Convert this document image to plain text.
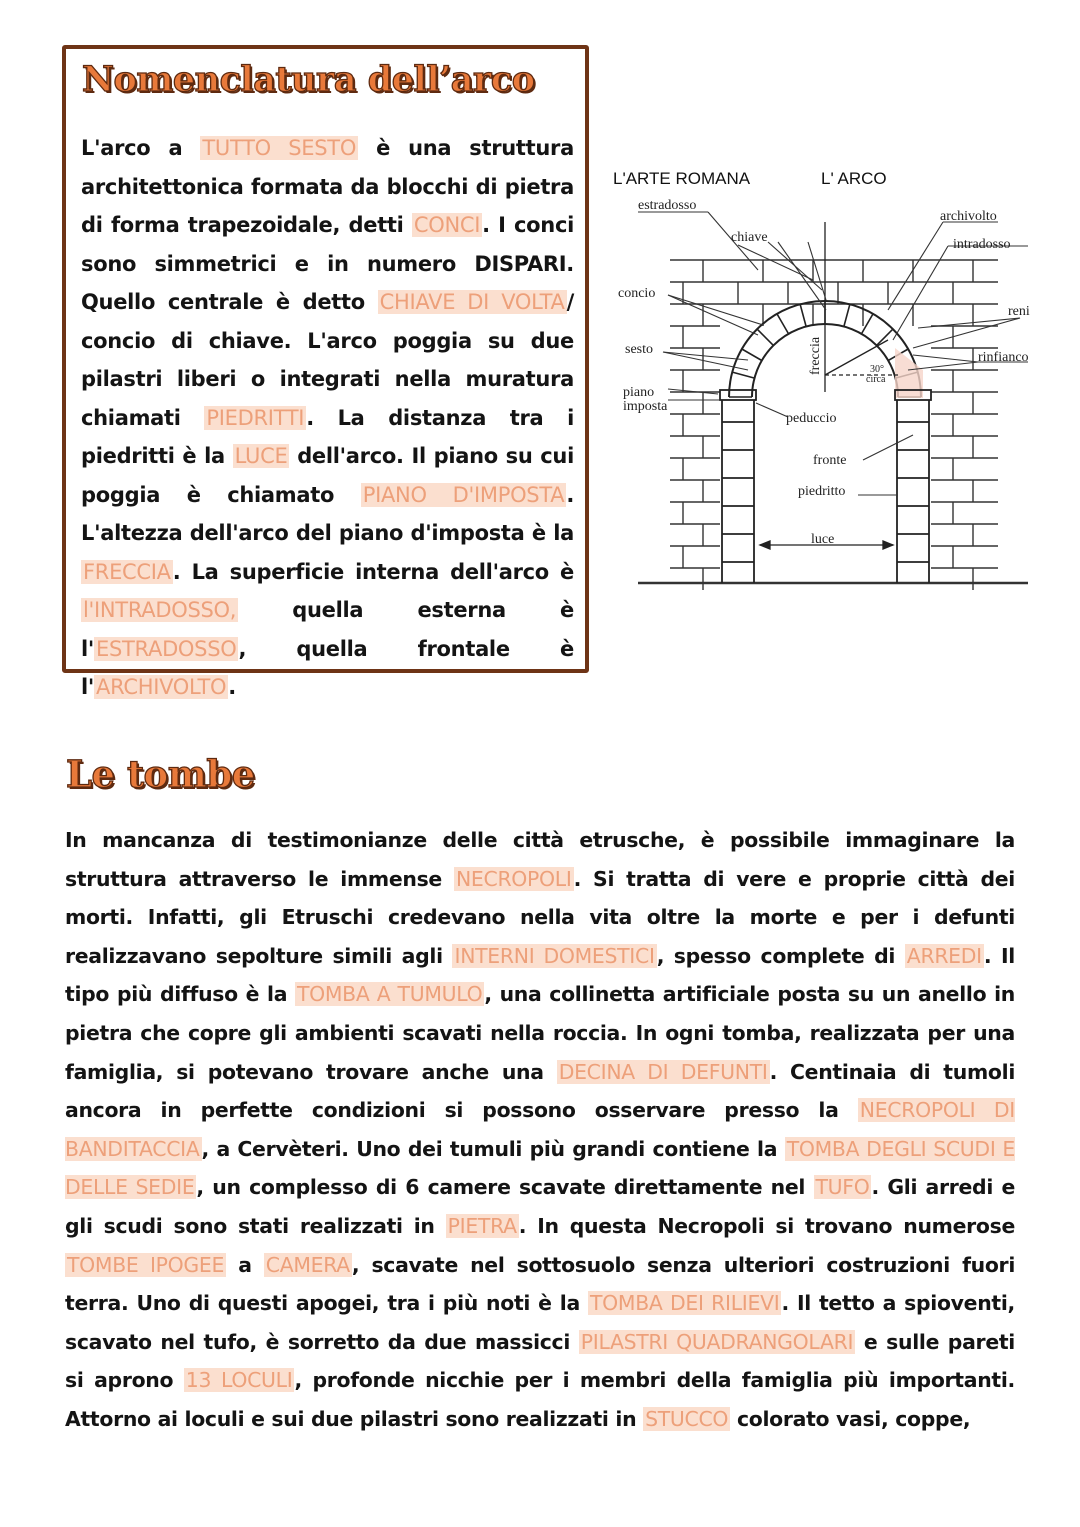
Nomenclatura dell’arco
L'arco a TUTTO SESTO è una struttura architettonica formata da blocchi di pietra di forma trapezoidale, detti CONCI. I conci sono simmetrici e in numero DISPARI. Quello centrale è detto CHIAVE DI VOLTA/ concio di chiave. L'arco poggia su due pilastri liberi o integrati nella muratura chiamati PIEDRITTI. La distanza tra i piedritti è la LUCE dell'arco. Il piano su cui poggia è chiamato PIANO D'IMPOSTA. L'altezza dell'arco del piano d'imposta è la FRECCIA. La superficie interna dell'arco è l'INTRADOSSO, quella esterna è l'ESTRADOSSO, quella frontale è l'ARCHIVOLTO.
L'ARTE ROMANA	L' ARCO
estradosso
chiave
archivolto
intradosso
concio
reni
sesto
rinfianco
freccia	30°
circa
piano
imposta
peduccio
fronte
piedritto
luce
Le tombe
In mancanza di testimonianze delle città etrusche, è possibile immaginare la struttura attraverso le immense NECROPOLI. Si tratta di vere e proprie città dei morti. Infatti, gli Etruschi credevano nella vita oltre la morte e per i defunti realizzavano sepolture simili agli INTERNI DOMESTICI, spesso complete di ARREDI. Il tipo più diffuso è la TOMBA A TUMULO, una collinetta artificiale posta su un anello in pietra che copre gli ambienti scavati nella roccia. In ogni tomba, realizzata per una famiglia, si potevano trovare anche una DECINA DI DEFUNTI. Centinaia di tumoli ancora in perfette condizioni si possono osservare presso la NECROPOLI DI BANDITACCIA, a Cervèteri. Uno dei tumuli più grandi contiene la TOMBA DEGLI SCUDI E DELLE SEDIE, un complesso di 6 camere scavate direttamente nel TUFO. Gli arredi e gli scudi sono stati realizzati in PIETRA. In questa Necropoli si trovano numerose TOMBE IPOGEE a CAMERA, scavate nel sottosuolo senza ulteriori costruzioni fuori terra. Uno di questi apogei, tra i più noti è la TOMBA DEI RILIEVI. Il tetto a spioventi, scavato nel tufo, è sorretto da due massicci PILASTRI QUADRANGOLARI e sulle pareti si aprono 13 LOCULI, profonde nicchie per i membri della famiglia più importanti. Attorno ai loculi e sui due pilastri sono realizzati in STUCCO colorato vasi, coppe,
